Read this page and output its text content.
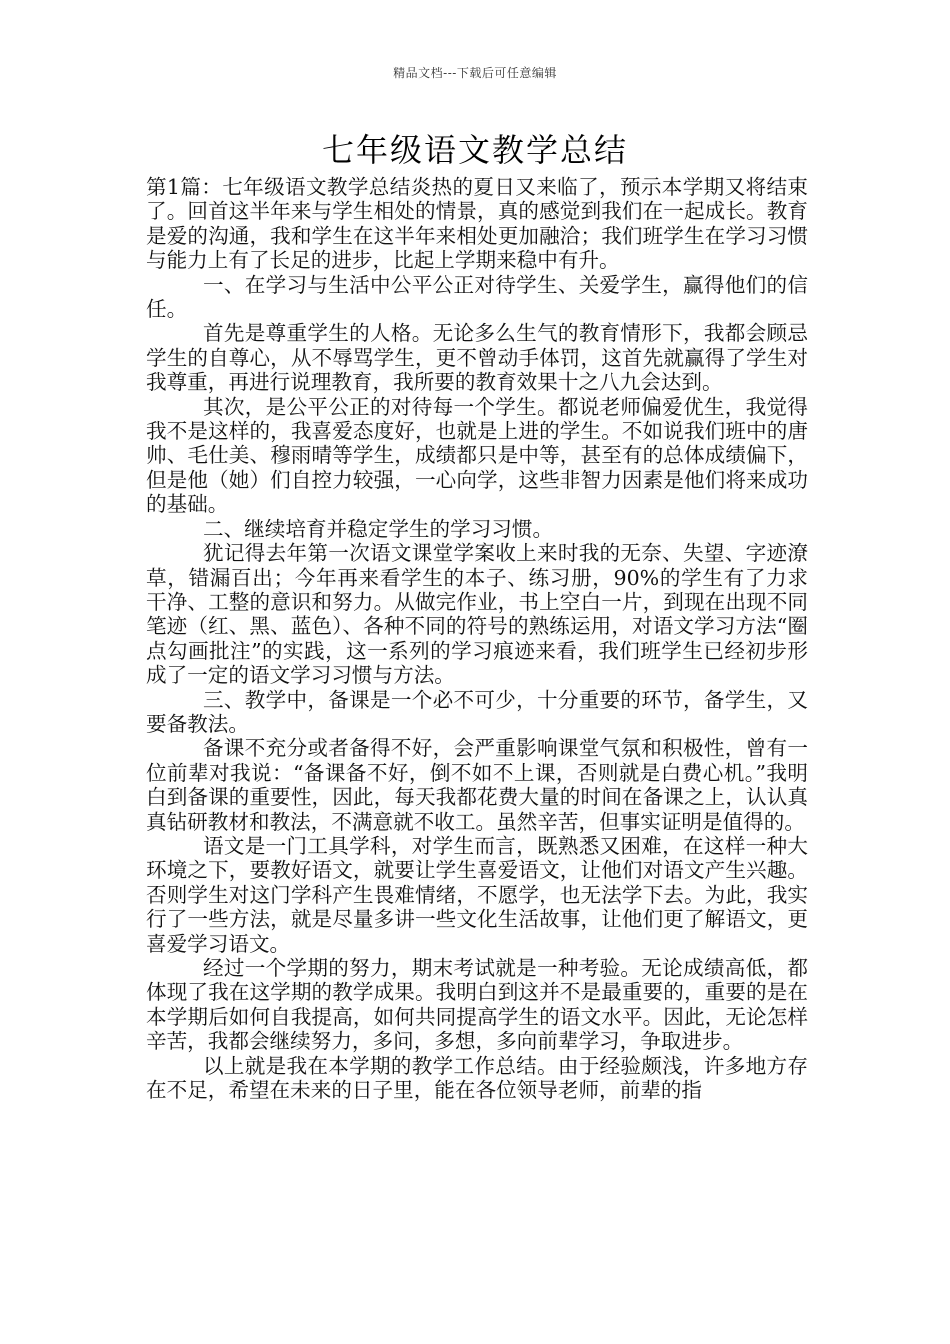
精品文档---下载后可任意编辑
七年级语文教学总结

第1篇：七年级语文教学总结炎热的夏日又来临了，预示本学期又将结束了。回首这半年来与学生相处的情景，真的感觉到我们在一起成长。教育是爱的沟通，我和学生在这半年来相处更加融洽；我们班学生在学习习惯与能力上有了长足的进步，比起上学期来稳中有升。

一、在学习与生活中公平公正对待学生、关爱学生，赢得他们的信任。

首先是尊重学生的人格。无论多么生气的教育情形下，我都会顾忌学生的自尊心，从不辱骂学生，更不曾动手体罚，这首先就赢得了学生对我尊重，再进行说理教育，我所要的教育效果十之八九会达到。

其次，是公平公正的对待每一个学生。都说老师偏爱优生，我觉得我不是这样的，我喜爱态度好，也就是上进的学生。不如说我们班中的唐帅、毛仕美、穆雨晴等学生，成绩都只是中等，甚至有的总体成绩偏下，但是他（她）们自控力较强，一心向学，这些非智力因素是他们将来成功的基础。

二、继续培育并稳定学生的学习习惯。

犹记得去年第一次语文课堂学案收上来时我的无奈、失望、字迹潦草，错漏百出；今年再来看学生的本子、练习册，90%的学生有了力求干净、工整的意识和努力。从做完作业，书上空白一片，到现在出现不同笔迹（红、黑、蓝色）、各种不同的符号的熟练运用，对语文学习方法“圈点勾画批注”的实践，这一系列的学习痕迹来看，我们班学生已经初步形成了一定的语文学习习惯与方法。

三、教学中，备课是一个必不可少，十分重要的环节，备学生，又要备教法。

备课不充分或者备得不好，会严重影响课堂气氛和积极性，曾有一位前辈对我说：“备课备不好，倒不如不上课，否则就是白费心机。”我明白到备课的重要性，因此，每天我都花费大量的时间在备课之上，认认真真钻研教材和教法，不满意就不收工。虽然辛苦，但事实证明是值得的。

语文是一门工具学科，对学生而言，既熟悉又困难，在这样一种大环境之下，要教好语文，就要让学生喜爱语文，让他们对语文产生兴趣。否则学生对这门学科产生畏难情绪，不愿学，也无法学下去。为此，我实行了一些方法，就是尽量多讲一些文化生活故事，让他们更了解语文，更喜爱学习语文。

经过一个学期的努力，期末考试就是一种考验。无论成绩高低，都体现了我在这学期的教学成果。我明白到这并不是最重要的，重要的是在本学期后如何自我提高，如何共同提高学生的语文水平。因此，无论怎样辛苦，我都会继续努力，多问，多想，多向前辈学习，争取进步。

以上就是我在本学期的教学工作总结。由于经验颇浅，许多地方存在不足，希望在未来的日子里，能在各位领导老师，前辈的指
